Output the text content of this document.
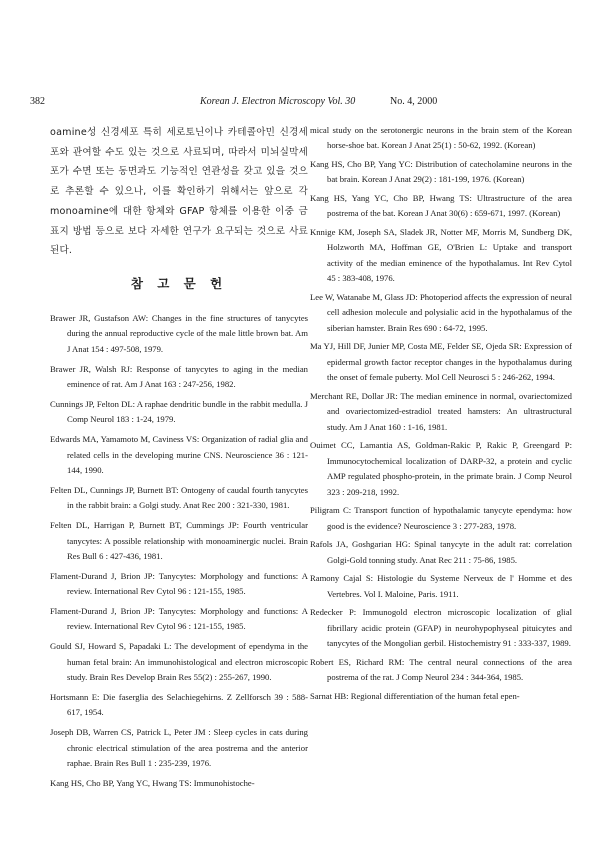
382	Korean J. Electron Microscopy Vol. 30	No. 4, 2000

oamine성 신경세포 특히 세로토닌이나 카테콜아민 신경세포와 관여할 수도 있는 것으로 사료되며, 따라서 미뇌실막세포가 수면 또는 동면과도 기능적인 연관성을 갖고 있을 것으로 추론할 수 있으나, 이를 확인하기 위해서는 앞으로 각 monoamine에 대한 항체와 GFAP 항체를 이용한 이중 금표지 방법 등으로 보다 자세한 연구가 요구되는 것으로 사료된다.

참 고 문 헌

Brawer JR, Gustafson AW: Changes in the fine structures of tanycytes during the annual reproductive cycle of the male little brown bat. Am J Anat 154 : 497-508, 1979.

Brawer JR, Walsh RJ: Response of tanycytes to aging in the median eminence of rat. Am J Anat 163 : 247-256, 1982.

Cunnings JP, Felton DL: A raphae dendritic bundle in the rabbit medulla. J Comp Neurol 183 : 1-24, 1979.

Edwards MA, Yamamoto M, Caviness VS: Organization of radial glia and related cells in the developing murine CNS. Neuroscience 36 : 121-144, 1990.

Felten DL, Cunnings JP, Burnett BT: Ontogeny of caudal fourth tanycytes in the rabbit brain: a Golgi study. Anat Rec 200 : 321-330, 1981.

Felten DL, Harrigan P, Burnett BT, Cummings JP: Fourth ventricular tanycytes: A possible relationship with monoaminergic nuclei. Brain Res Bull 6 : 427-436, 1981.

Flament-Durand J, Brion JP: Tanycytes: Morphology and functions: A review. International Rev Cytol 96 : 121-155, 1985.

Flament-Durand J, Brion JP: Tanycytes: Morphology and functions: A review. International Rev Cytol 96 : 121-155, 1985.

Gould SJ, Howard S, Papadaki L: The development of ependyma in the human fetal brain: An immunohistological and electron microscopic study. Brain Res Develop Brain Res 55(2) : 255-267, 1990.

Hortsmann E: Die fasergliа des Selachiegehirns. Z Zellforsch 39 : 588-617, 1954.

Joseph DB, Warren CS, Patrick L, Peter JM : Sleep cycles in cats during chronic electrical stimulation of the area postrema and the anterior raphae. Brain Res Bull 1 : 235-239, 1976.

Kang HS, Cho BP, Yang YC, Hwang TS: Immunohistoche-

mical study on the serotonergic neurons in the brain stem of the Korean horse-shoe bat. Korean J Anat 25(1) : 50-62, 1992. (Korean)

Kang HS, Cho BP, Yang YC: Distribution of catecholamine neurons in the bat brain. Korean J Anat 29(2) : 181-199, 1976. (Korean)

Kang HS, Yang YC, Cho BP, Hwang TS: Ultrastructure of the area postrema of the bat. Korean J Anat 30(6) : 659-671, 1997. (Korean)

Knnige KM, Joseph SA, Sladek JR, Notter MF, Morris M, Sundberg DK, Holzworth MA, Hoffman GE, O'Brien L: Uptake and transport activity of the median eminence of the hypothalamus. Int Rev Cytol 45 : 383-408, 1976.

Lee W, Watanabe M, Glass JD: Photoperiod affects the expression of neural cell adhesion molecule and polysialic acid in the hypothalamus of the siberian hamster. Brain Res 690 : 64-72, 1995.

Ma YJ, Hill DF, Junier MP, Costa ME, Felder SE, Ojeda SR: Expression of epidermal growth factor receptor changes in the hypothalamus during the onset of female puberty. Mol Cell Neurosci 5 : 246-262, 1994.

Merchant RE, Dollar JR: The median eminence in normal, ovariectomized and ovariectomized-estradiol treated hamsters: An ultrastructural study. Am J Anat 160 : 1-16, 1981.

Ouimet CC, Lamantia AS, Goldman-Rakic P, Rakic P, Greengard P: Immunocytochemical localization of DARP-32, a protein and cyclic AMP regulated phospho-protein, in the primate brain. J Comp Neurol 323 : 209-218, 1992.

Piligram C: Transport function of hypothalamic tanycyte ependyma: how good is the evidence? Neuroscience 3 : 277-283, 1978.

Rafols JA, Goshgarian HG: Spinal tanycyte in the adult rat: correlation Golgi-Gold tonning study. Anat Rec 211 : 75-86, 1985.

Ramony Cajal S: Histologie du Systeme Nerveux de l' Homme et des Vertebres. Vol I. Maloine, Paris. 1911.

Redecker P: Immunogold electron microscopic localization of glial fibrillary acidic protein (GFAP) in neurohypophyseal pituicytes and tanycytes of the Mongolian gerbil. Histochemistry 91 : 333-337, 1989.

Robert ES, Richard RM: The central neural connections of the area postrema of the rat. J Comp Neurol 234 : 344-364, 1985.

Sarnat HB: Regional differentiation of the human fetal epen-
